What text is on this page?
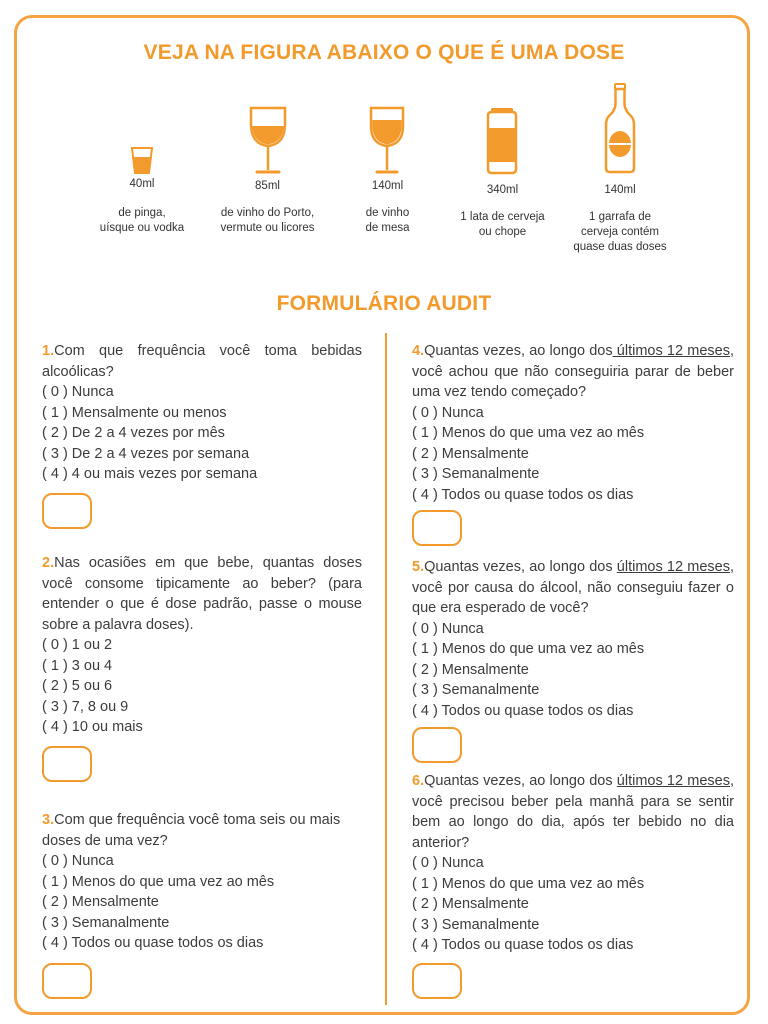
VEJA NA FIGURA ABAIXO O QUE É UMA DOSE
40ml
de pinga,
uísque ou vodka
85ml
de vinho do Porto,
vermute ou licores
140ml
de vinho
de mesa
340ml
1 lata de cerveja
ou chope
140ml
1 garrafa de
cerveja contém
quase duas doses
FORMULÁRIO AUDIT
1.Com que frequência você toma bebidas alcoólicas?
( 0 ) Nunca
( 1 ) Mensalmente ou menos
( 2 ) De 2 a 4 vezes por mês
( 3 ) De 2 a 4 vezes por semana
( 4 ) 4 ou mais vezes por semana
2.Nas ocasiões em que bebe, quantas doses você consome tipicamente ao beber? (para entender o que é dose padrão, passe o mouse sobre a palavra doses).
( 0 ) 1 ou 2
( 1 ) 3 ou 4
( 2 ) 5 ou 6
( 3 ) 7, 8 ou 9
( 4 ) 10 ou mais
3.Com que frequência você toma seis ou mais doses de uma vez?
( 0 ) Nunca
( 1 ) Menos do que uma vez ao mês
( 2 ) Mensalmente
( 3 ) Semanalmente
( 4 ) Todos ou quase todos os dias
4.Quantas vezes, ao longo dos últimos 12 meses, você achou que não conseguiria parar de beber uma vez tendo começado?
( 0 ) Nunca
( 1 ) Menos do que uma vez ao mês
( 2 ) Mensalmente
( 3 ) Semanalmente
( 4 ) Todos ou quase todos os dias
5.Quantas vezes, ao longo dos últimos 12 meses, você por causa do álcool, não conseguiu fazer o que era esperado de você?
( 0 ) Nunca
( 1 ) Menos do que uma vez ao mês
( 2 ) Mensalmente
( 3 ) Semanalmente
( 4 ) Todos ou quase todos os dias
6.Quantas vezes, ao longo dos últimos 12 meses, você precisou beber pela manhã para se sentir bem ao longo do dia, após ter bebido no dia anterior?
( 0 ) Nunca
( 1 ) Menos do que uma vez ao mês
( 2 ) Mensalmente
( 3 ) Semanalmente
( 4 ) Todos ou quase todos os dias
